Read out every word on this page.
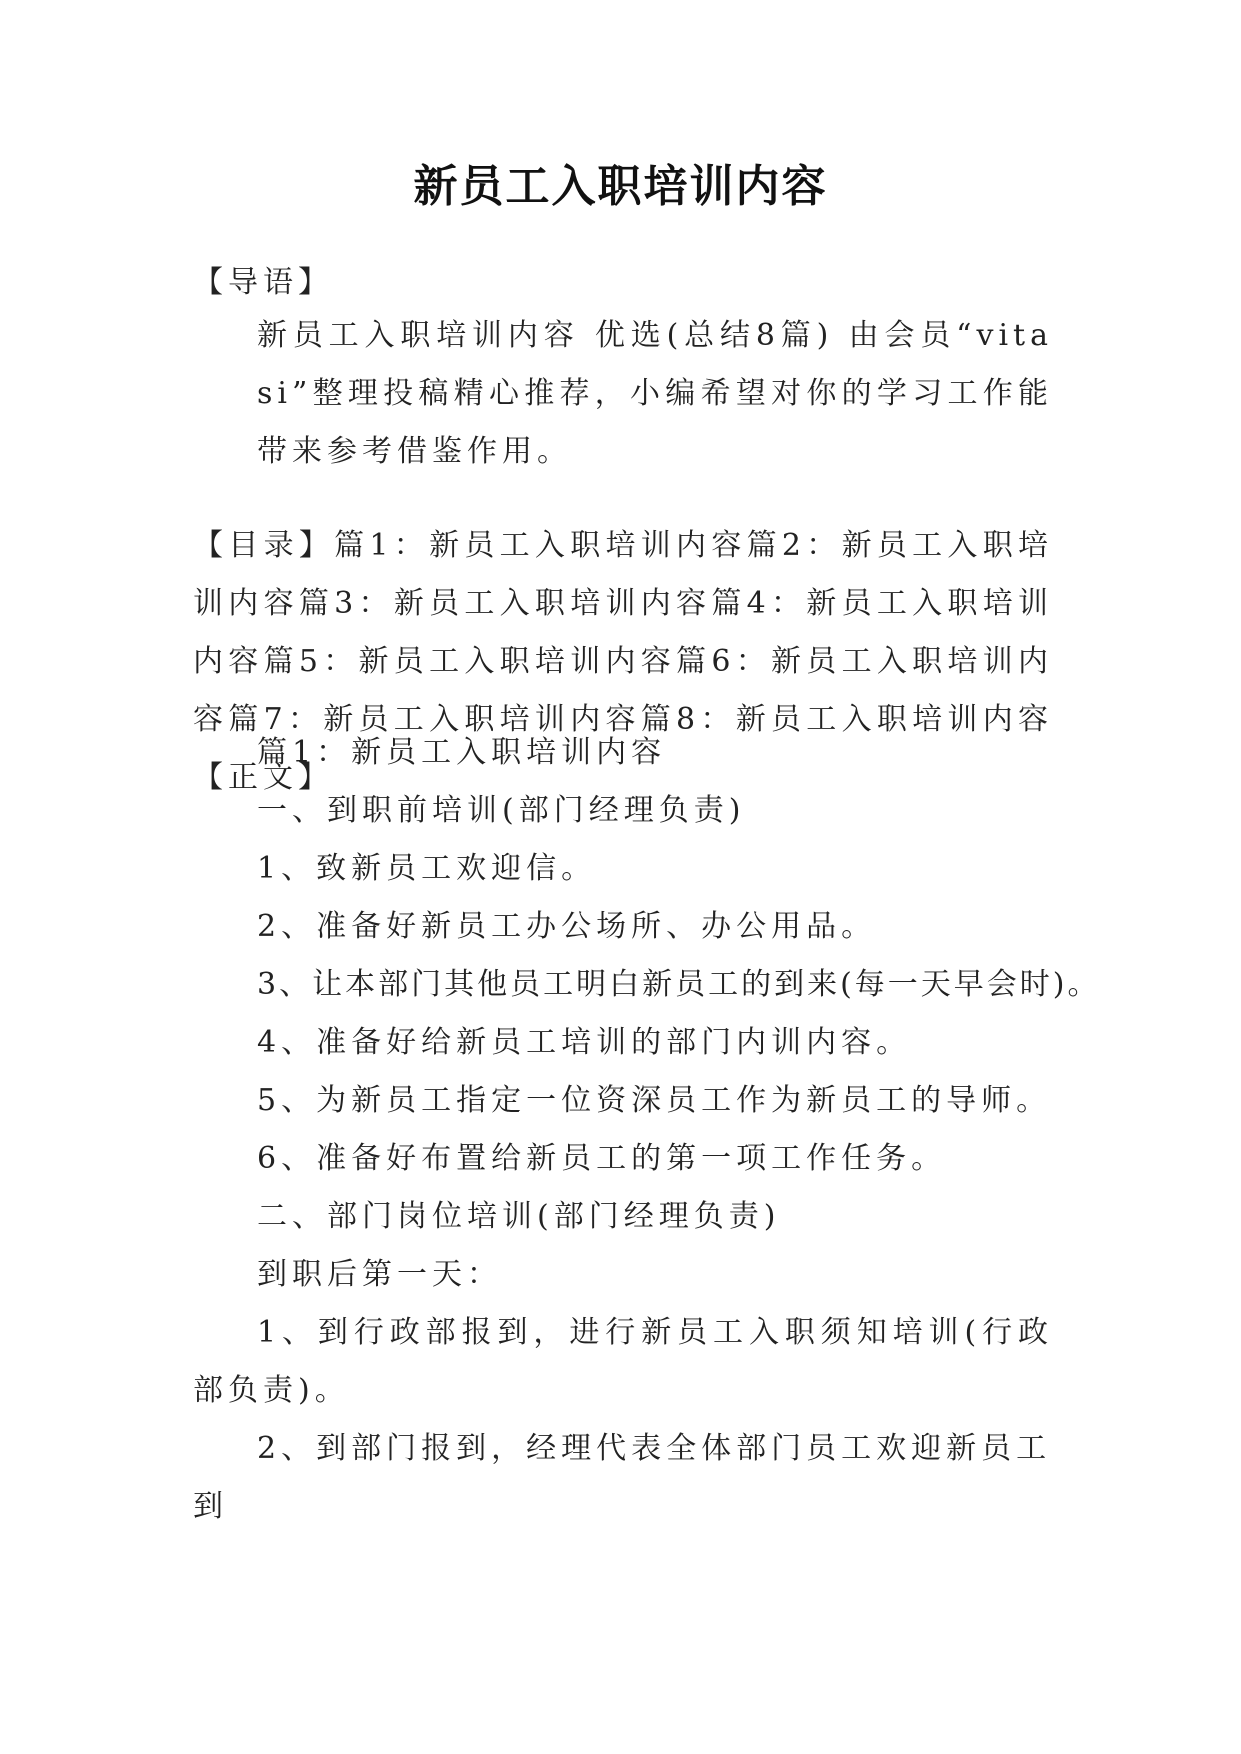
新员工入职培训内容
【导语】
新员工入职培训内容 优选(总结8篇) 由会员“vitasi”整理投稿精心推荐，小编希望对你的学习工作能带来参考借鉴作用。
【目录】篇1：新员工入职培训内容篇2：新员工入职培训内容篇3：新员工入职培训内容篇4：新员工入职培训内容篇5：新员工入职培训内容篇6：新员工入职培训内容篇7：新员工入职培训内容篇8：新员工入职培训内容【正文】
篇1：新员工入职培训内容
一、到职前培训(部门经理负责)
1、致新员工欢迎信。
2、准备好新员工办公场所、办公用品。
3、让本部门其他员工明白新员工的到来(每一天早会时)。
4、准备好给新员工培训的部门内训内容。
5、为新员工指定一位资深员工作为新员工的导师。
6、准备好布置给新员工的第一项工作任务。
二、部门岗位培训(部门经理负责)
到职后第一天：
1、到行政部报到，进行新员工入职须知培训(行政部负责)。
2、到部门报到，经理代表全体部门员工欢迎新员工到
